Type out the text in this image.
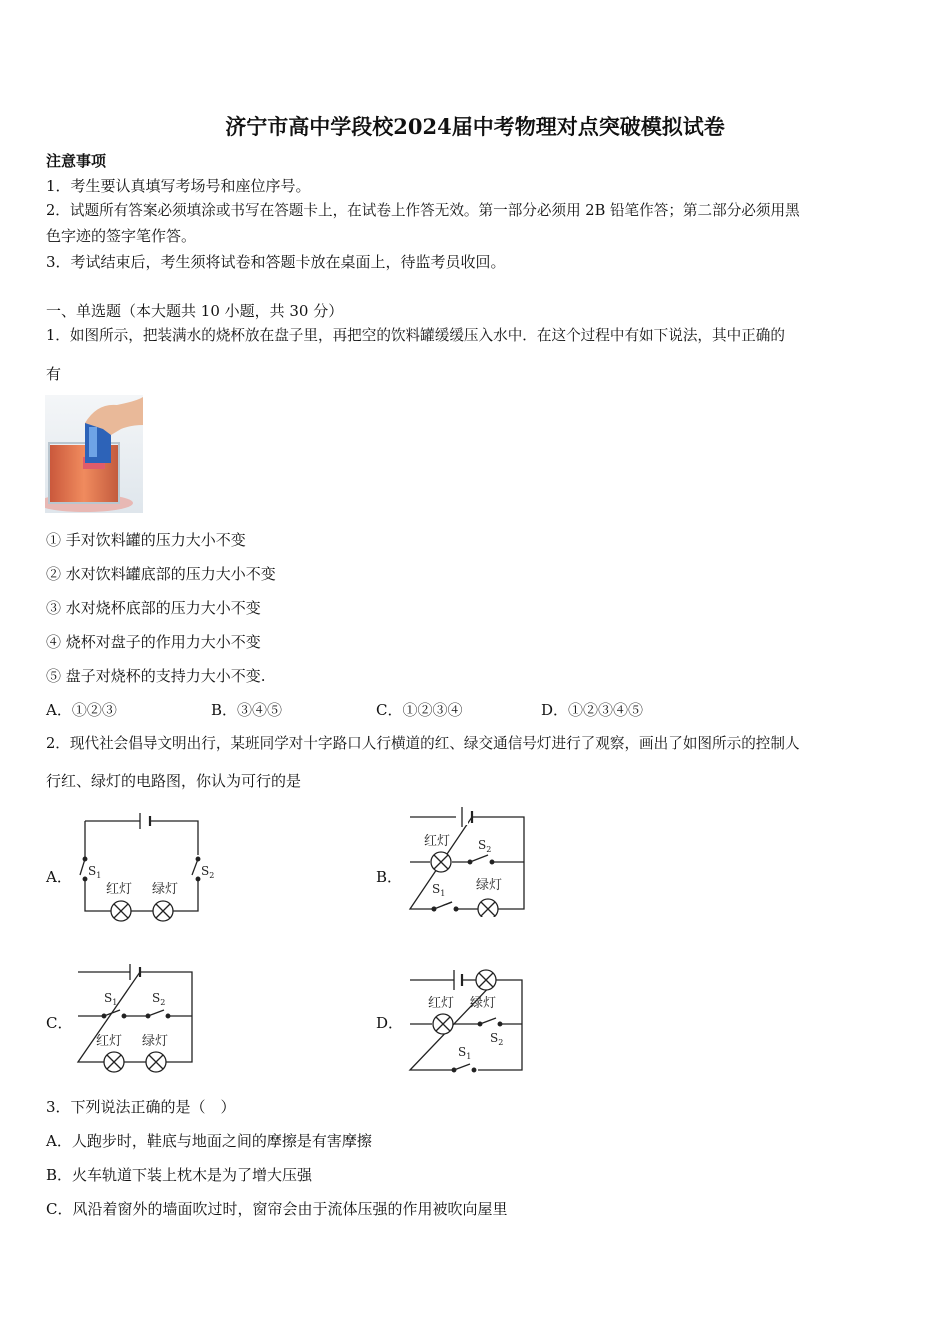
济宁市高中学段校2024届中考物理对点突破模拟试卷
注意事项
1．考生要认真填写考场号和座位序号。
2．试题所有答案必须填涂或书写在答题卡上，在试卷上作答无效。第一部分必须用 2B 铅笔作答；第二部分必须用黑
色字迹的签字笔作答。
3．考试结束后，考生须将试卷和答题卡放在桌面上，待监考员收回。
一、单选题（本大题共 10 小题，共 30 分）
1．如图所示，把装满水的烧杯放在盘子里，再把空的饮料罐缓缓压入水中．在这个过程中有如下说法，其中正确的
有
① 手对饮料罐的压力大小不变
② 水对饮料罐底部的压力大小不变
③ 水对烧杯底部的压力大小不变
④ 烧杯对盘子的作用力大小不变
⑤ 盘子对烧杯的支持力大小不变.
A．①②③	B．③④⑤	C．①②③④	D．①②③④⑤
2．现代社会倡导文明出行，某班同学对十字路口人行横道的红、绿交通信号灯进行了观察，画出了如图所示的控制人
行红、绿灯的电路图，你认为可行的是
A．	B．
C．	D．
$S_1$	$S_2$
红灯 绿灯
红灯 $S_2$
$S_1$
绿灯
$S_1$	$S_2$
红灯 绿灯
红灯 绿灯
$S_2$
$S_1$
3．下列说法正确的是（　）
A．人跑步时，鞋底与地面之间的摩擦是有害摩擦
B．火车轨道下装上枕木是为了增大压强
C．风沿着窗外的墙面吹过时，窗帘会由于流体压强的作用被吹向屋里
